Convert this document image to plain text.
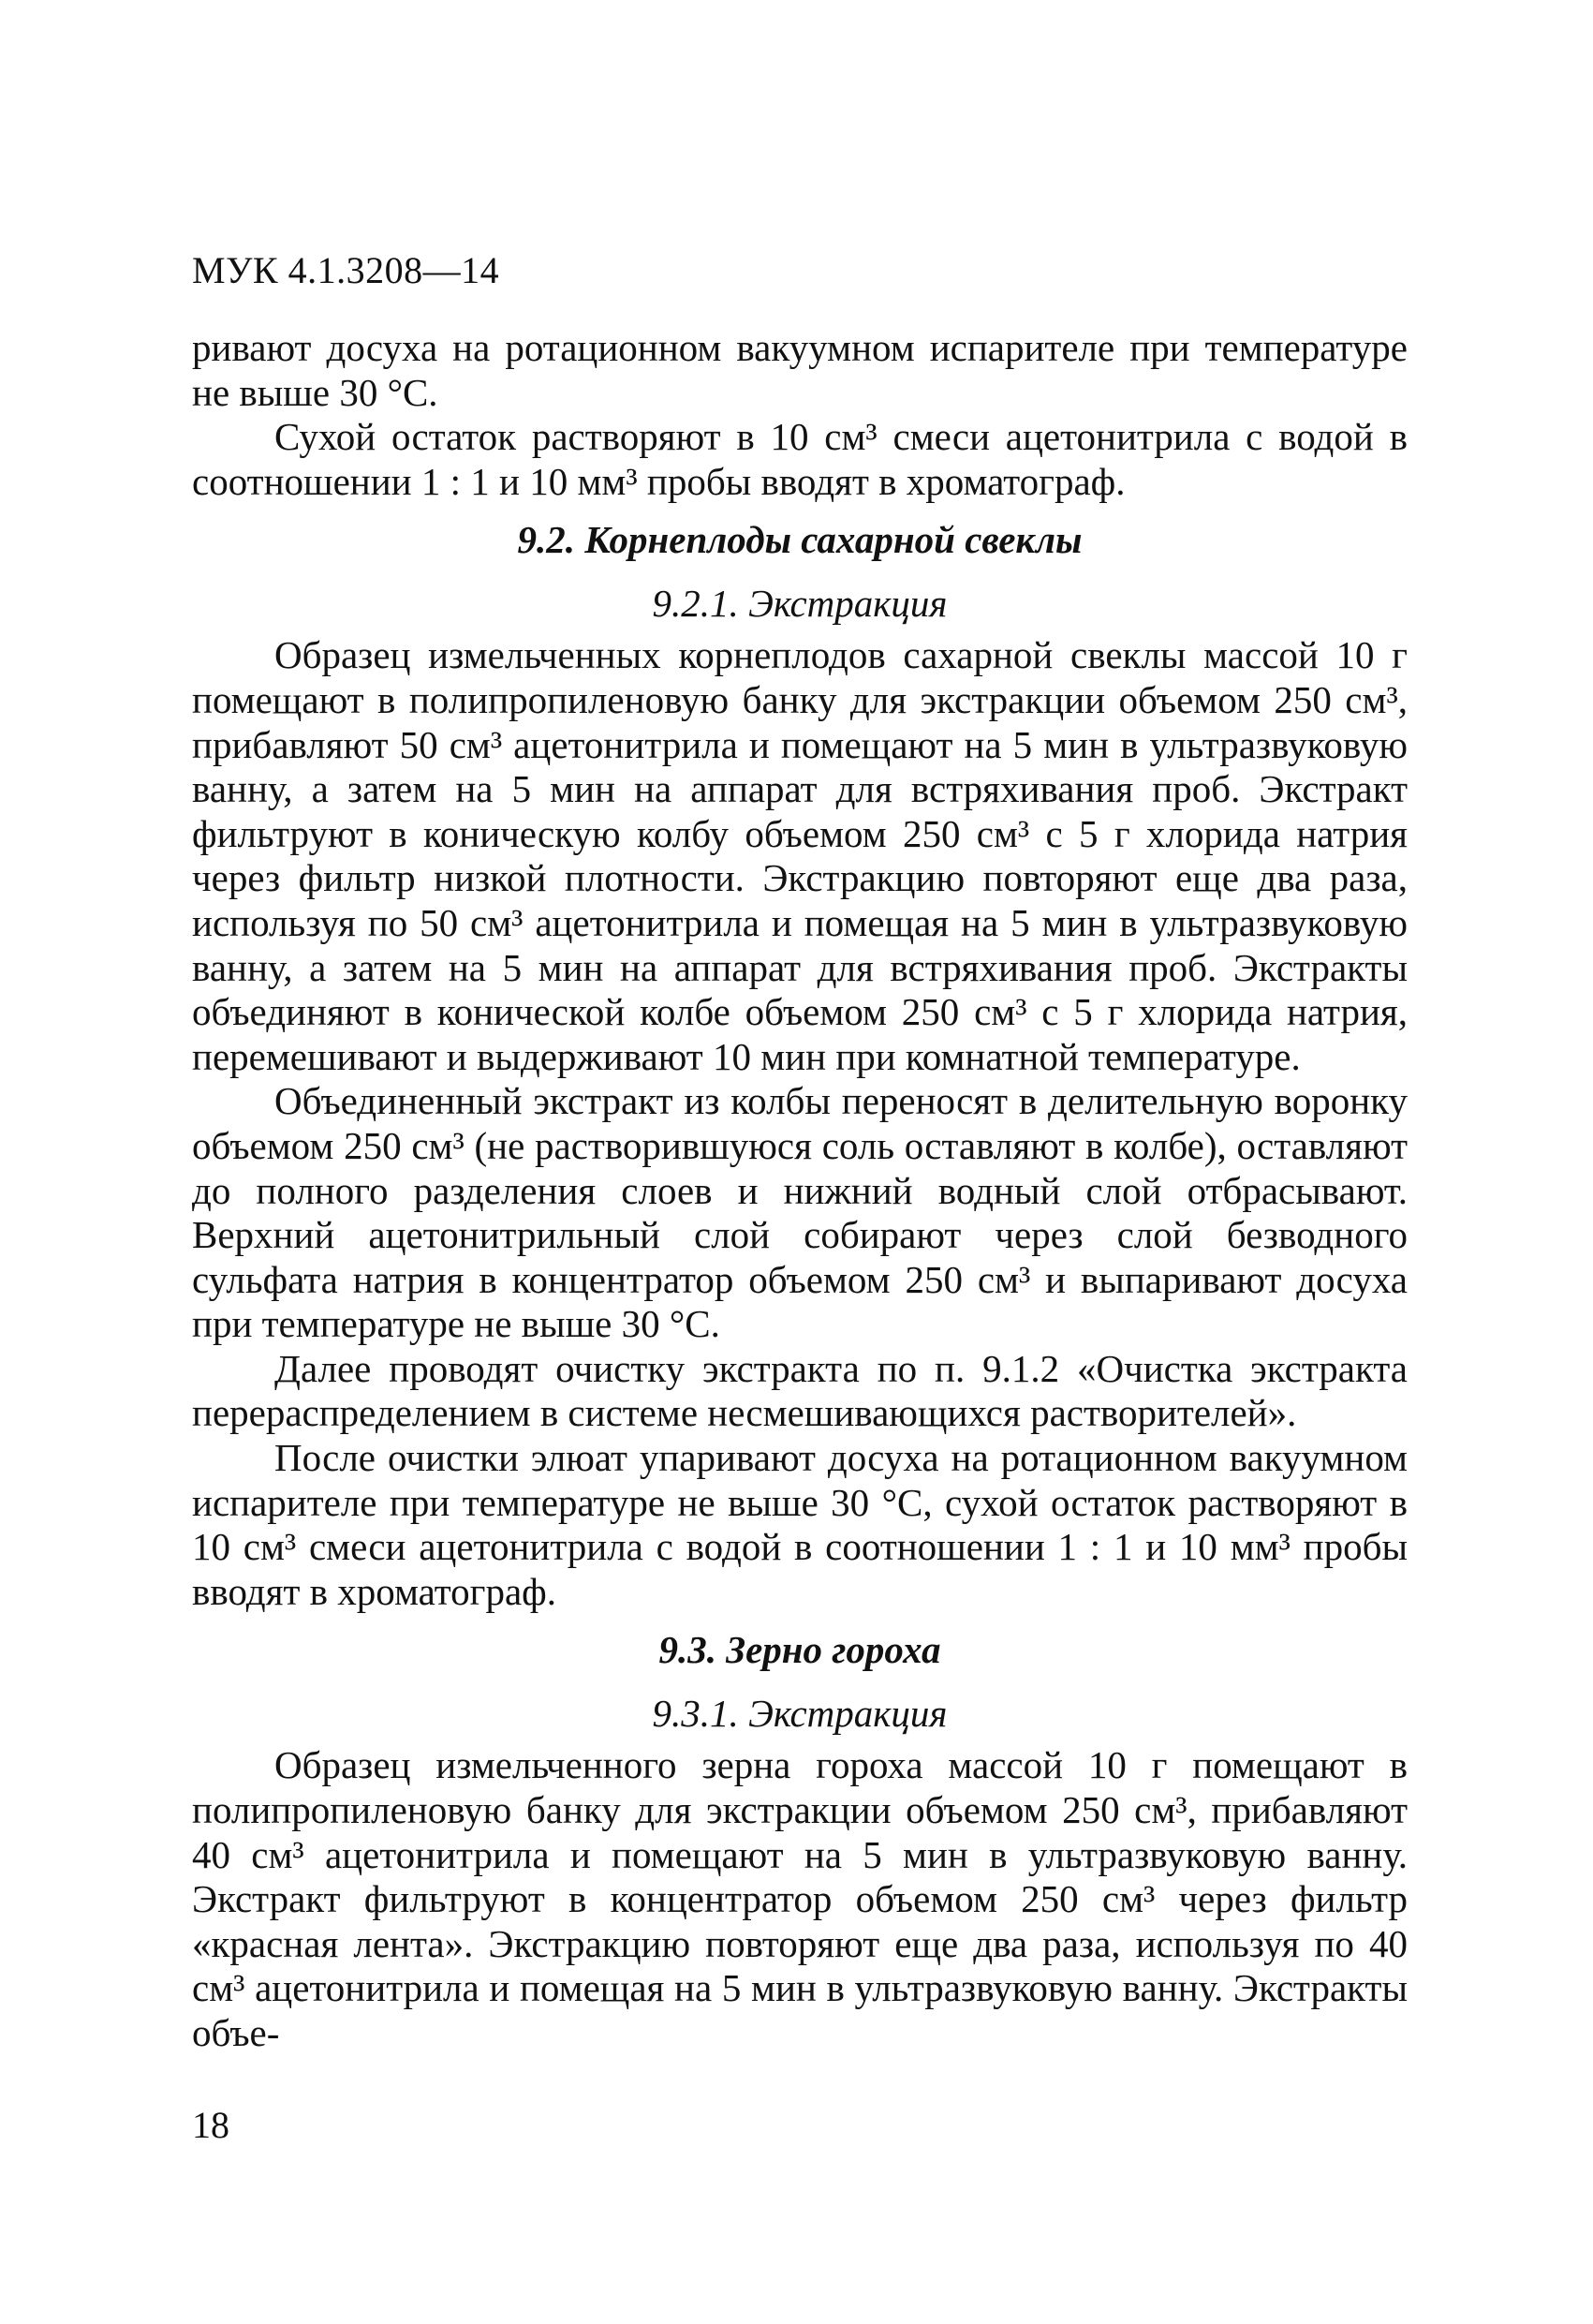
МУК 4.1.3208—14

ривают досуха на ротационном вакуумном испарителе при температуре не выше 30 °С.

Сухой остаток растворяют в 10 см³ смеси ацетонитрила с водой в соотношении 1 : 1 и 10 мм³ пробы вводят в хроматограф.

9.2. Корнеплоды сахарной свеклы
9.2.1. Экстракция

Образец измельченных корнеплодов сахарной свеклы массой 10 г помещают в полипропиленовую банку для экстракции объемом 250 см³, прибавляют 50 см³ ацетонитрила и помещают на 5 мин в ультразвуковую ванну, а затем на 5 мин на аппарат для встряхивания проб. Экстракт фильтруют в коническую колбу объемом 250 см³ с 5 г хлорида натрия через фильтр низкой плотности. Экстракцию повторяют еще два раза, используя по 50 см³ ацетонитрила и помещая на 5 мин в ультразвуковую ванну, а затем на 5 мин на аппарат для встряхивания проб. Экстракты объединяют в конической колбе объемом 250 см³ с 5 г хлорида натрия, перемешивают и выдерживают 10 мин при комнатной температуре.

Объединенный экстракт из колбы переносят в делительную воронку объемом 250 см³ (не растворившуюся соль оставляют в колбе), оставляют до полного разделения слоев и нижний водный слой отбрасывают. Верхний ацетонитрильный слой собирают через слой безводного сульфата натрия в концентратор объемом 250 см³ и выпаривают досуха при температуре не выше 30 °С.

Далее проводят очистку экстракта по п. 9.1.2 «Очистка экстракта перераспределением в системе несмешивающихся растворителей».

После очистки элюат упаривают досуха на ротационном вакуумном испарителе при температуре не выше 30 °С, сухой остаток растворяют в 10 см³ смеси ацетонитрила с водой в соотношении 1 : 1 и 10 мм³ пробы вводят в хроматограф.

9.3. Зерно гороха
9.3.1. Экстракция

Образец измельченного зерна гороха массой 10 г помещают в полипропиленовую банку для экстракции объемом 250 см³, прибавляют 40 см³ ацетонитрила и помещают на 5 мин в ультразвуковую ванну. Экстракт фильтруют в концентратор объемом 250 см³ через фильтр «красная лента». Экстракцию повторяют еще два раза, используя по 40 см³ ацетонитрила и помещая на 5 мин в ультразвуковую ванну. Экстракты объе-

18
